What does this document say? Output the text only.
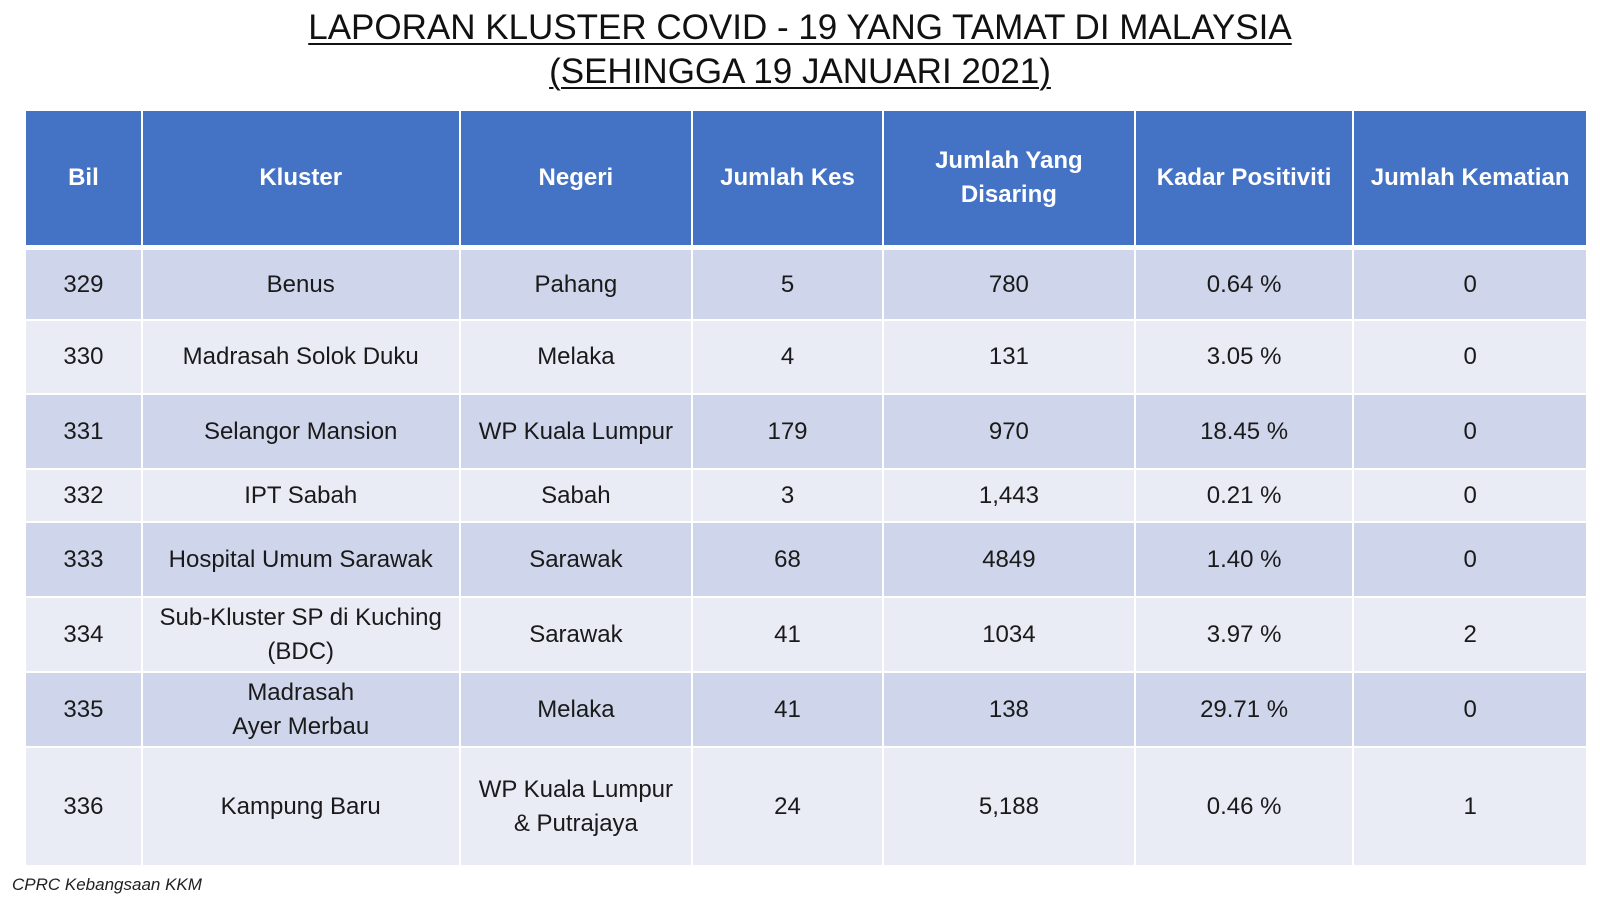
LAPORAN KLUSTER COVID - 19 YANG TAMAT DI MALAYSIA
(SEHINGGA 19 JANUARI 2021)
Bil	Kluster	Negeri	Jumlah Kes	Jumlah Yang
Disaring	Kadar Positiviti	Jumlah Kematian
329	Benus	Pahang	5	780	0.64 %	0
330	Madrasah Solok Duku	Melaka	4	131	3.05 %	0
331	Selangor Mansion	WP Kuala Lumpur	179	970	18.45 %	0
332	IPT Sabah	Sabah	3	1,443	0.21 %	0
333	Hospital Umum Sarawak	Sarawak	68	4849	1.40 %	0
334	Sub-Kluster SP di Kuching
(BDC)	Sarawak	41	1034	3.97 %	2
335	Madrasah
Ayer Merbau	Melaka	41	138	29.71 %	0
336	Kampung Baru	WP Kuala Lumpur
& Putrajaya	24	5,188	0.46 %	1
CPRC Kebangsaan KKM
